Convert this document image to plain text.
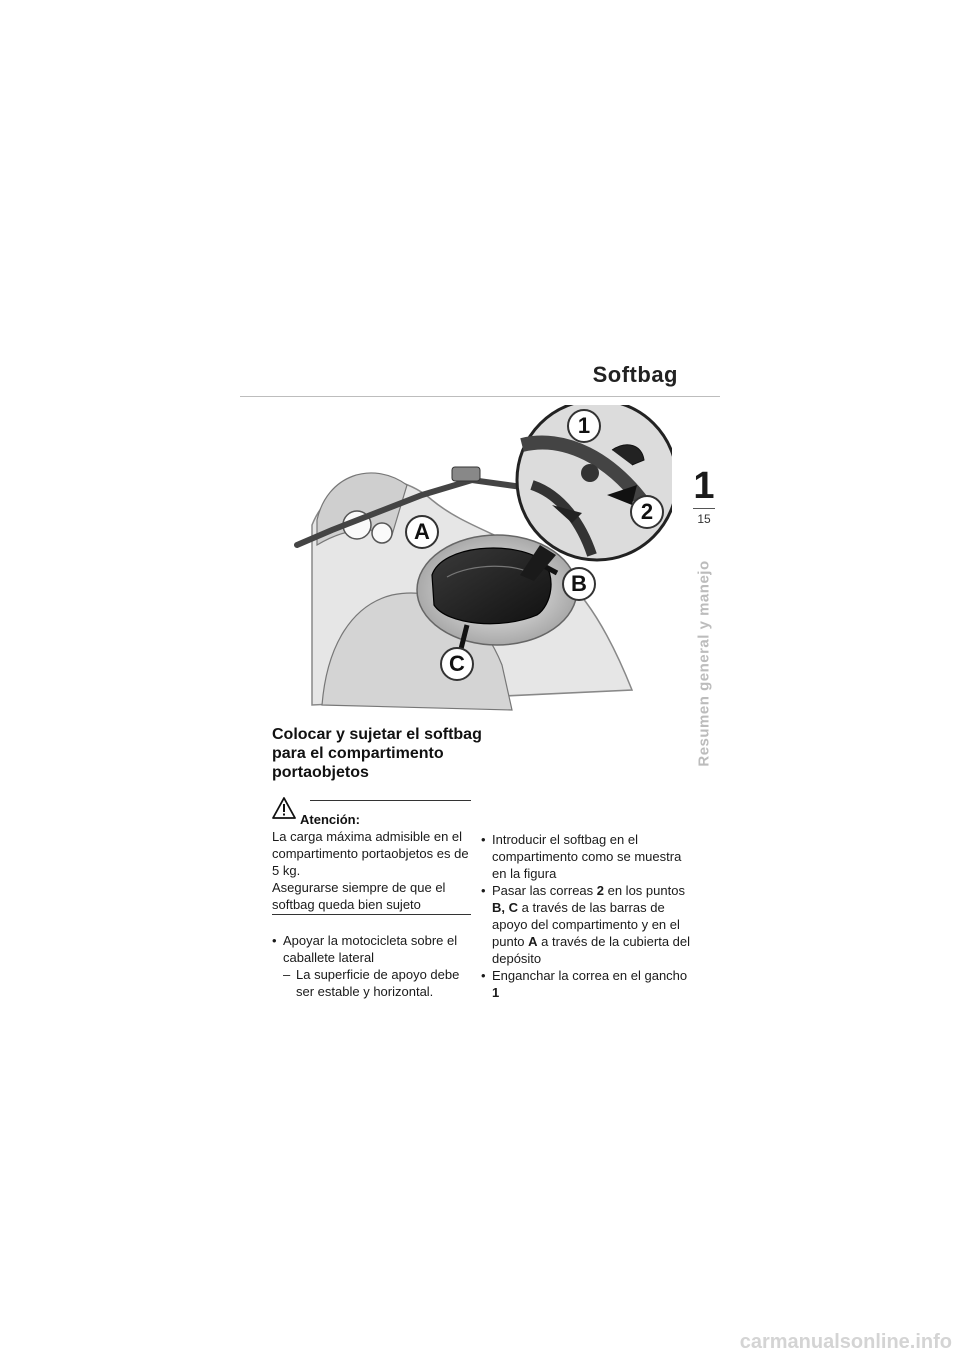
Softbag
1
15
Resumen general y manejo
1
2
A
B
C
Colocar y sujetar el softbag para el compartimento portaobjetos
Atención:

La carga máxima admisible en el compartimento portaobjetos es de 5 kg.

Asegurarse siempre de que el softbag queda bien sujeto

• Apoyar la motocicleta sobre el caballete lateral
– La superficie de apoyo debe ser estable y horizontal.
• Introducir el softbag en el compartimento como se muestra en la figura
• Pasar las correas 2 en los puntos B, C a través de las barras de apoyo del compartimento y en el punto A a través de la cubierta del depósito
• Enganchar la correa en el gancho 1
carmanualsonline.info
